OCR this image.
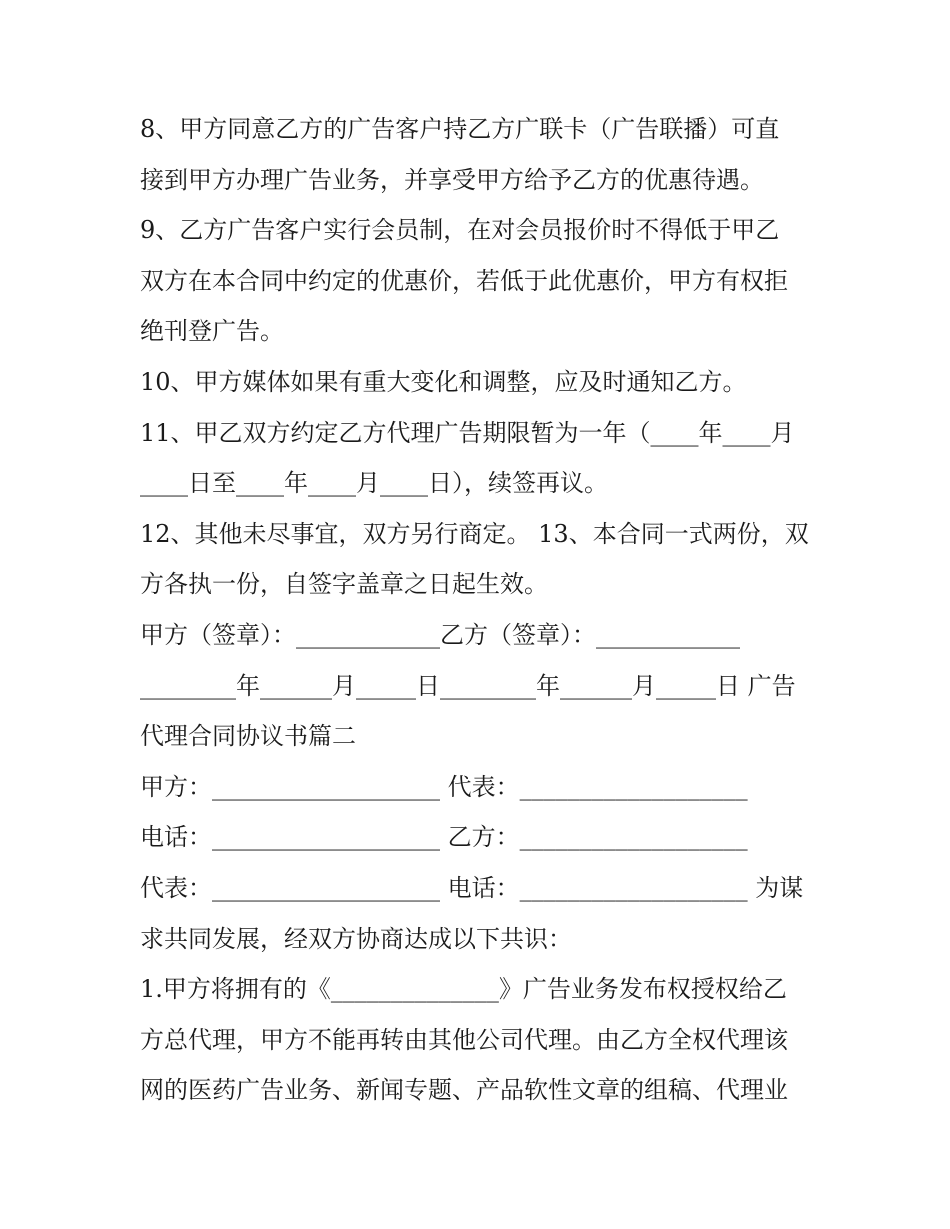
8、甲方同意乙方的广告客户持乙方广联卡（广告联播）可直
接到甲方办理广告业务，并享受甲方给予乙方的优惠待遇。
9、乙方广告客户实行会员制，在对会员报价时不得低于甲乙
双方在本合同中约定的优惠价，若低于此优惠价，甲方有权拒
绝刊登广告。
10、甲方媒体如果有重大变化和调整，应及时通知乙方。
11、甲乙双方约定乙方代理广告期限暂为一年（____年____月
____日至____年____月____日），续签再议。
12、其他未尽事宜，双方另行商定。 13、本合同一式两份，双
方各执一份，自签字盖章之日起生效。
甲方（签章）：____________乙方（签章）：____________
________年______月_____日________年______月_____日 广告
代理合同协议书篇二
甲方：___________________ 代表：___________________
电话：___________________ 乙方：___________________
代表：___________________ 电话：___________________ 为谋
求共同发展，经双方协商达成以下共识：
1.甲方将拥有的《______________》广告业务发布权授权给乙
方总代理，甲方不能再转由其他公司代理。由乙方全权代理该
网的医药广告业务、新闻专题、产品软性文章的组稿、代理业
